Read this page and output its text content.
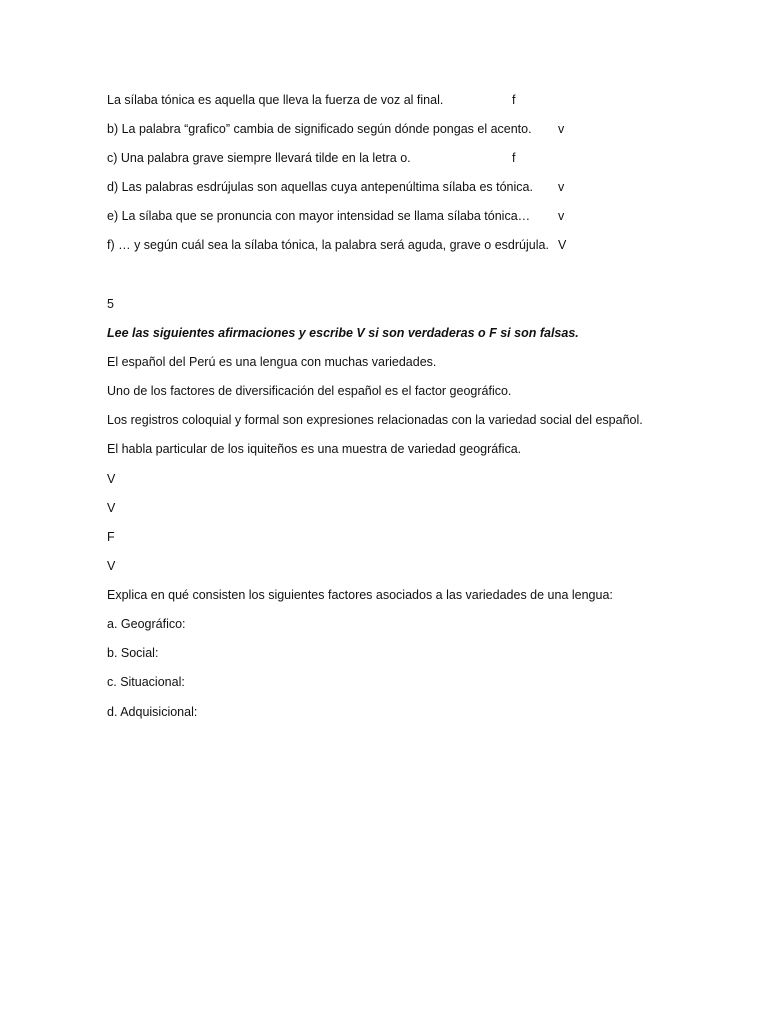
La sílaba tónica es aquella que lleva la fuerza de voz al final.	f
b) La palabra “grafico” cambia de significado según dónde pongas el acento. v
c) Una palabra grave siempre llevará tilde en la letra o.	f
d) Las palabras esdrújulas son aquellas cuya antepenúltima sílaba es tónica. v
e) La sílaba que se pronuncia con mayor intensidad se llama sílaba tónica… v
f) … y según cuál sea la sílaba tónica, la palabra será aguda, grave o esdrújula. V
5
Lee las siguientes afirmaciones y escribe V si son verdaderas o F si son falsas.
El español del Perú es una lengua con muchas variedades.
Uno de los factores de diversificación del español es el factor geográfico.
Los registros coloquial y formal son expresiones relacionadas con la variedad social del español.
El habla particular de los iquiteños es una muestra de variedad geográfica.
V
V
F
V
Explica en qué consisten los siguientes factores asociados a las variedades de una lengua:
a. Geográfico:
b. Social:
c. Situacional:
d. Adquisicional:
